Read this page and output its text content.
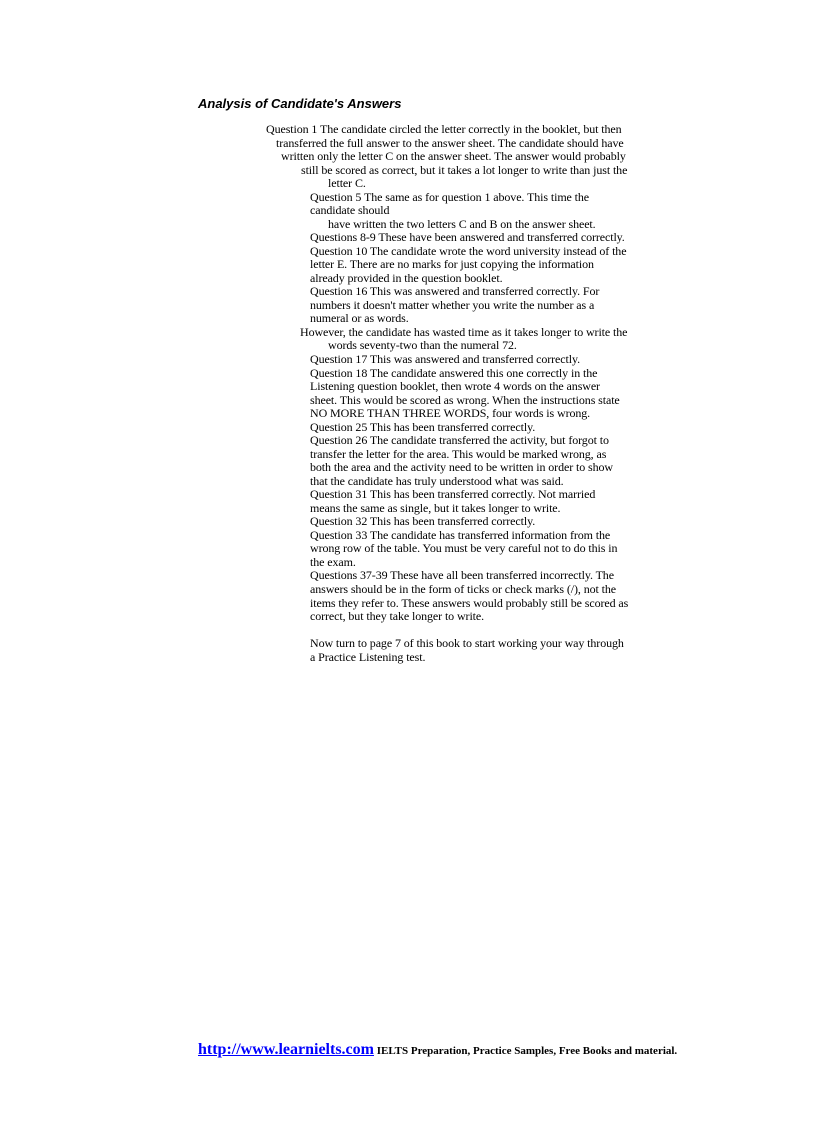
Analysis of Candidate's Answers
Question 1 The candidate circled the letter correctly in the booklet, but then
transferred the full answer to the answer sheet. The candidate should have
written only the letter C on the answer sheet. The answer would probably
still be scored as correct, but it takes a lot longer to write than just the
letter C.
Question 5 The same as for question 1 above. This time the
candidate should
have written the two letters C and B on the answer sheet.
Questions 8-9 These have been answered and transferred correctly.
Question 10 The candidate wrote the word university instead of the
letter E. There are no marks for just copying the information
already provided in the question booklet.
Question 16 This was answered and transferred correctly. For
numbers it doesn't matter whether you write the number as a
numeral or as words.
However, the candidate has wasted time as it takes longer to write the
words seventy-two than the numeral 72.
Question 17 This was answered and transferred correctly.
Question 18 The candidate answered this one correctly in the
Listening question booklet, then wrote 4 words on the answer
sheet. This would be scored as wrong. When the instructions state
NO MORE THAN THREE WORDS, four words is wrong.
Question 25 This has been transferred correctly.
Question 26 The candidate transferred the activity, but forgot to
transfer the letter for the area. This would be marked wrong, as
both the area and the activity need to be written in order to show
that the candidate has truly understood what was said.
Question 31 This has been transferred correctly. Not married
means the same as single, but it takes longer to write.
Question 32 This has been transferred correctly.
Question 33 The candidate has transferred information from the
wrong row of the table. You must be very careful not to do this in
the exam.
Questions 37-39 These have all been transferred incorrectly. The
answers should be in the form of ticks or check marks (/), not the
items they refer to. These answers would probably still be scored as
correct, but they take longer to write.
Now turn to page 7 of this book to start working your way through
a Practice Listening test.
http://www.learnielts.com IELTS Preparation, Practice Samples, Free Books and material.
